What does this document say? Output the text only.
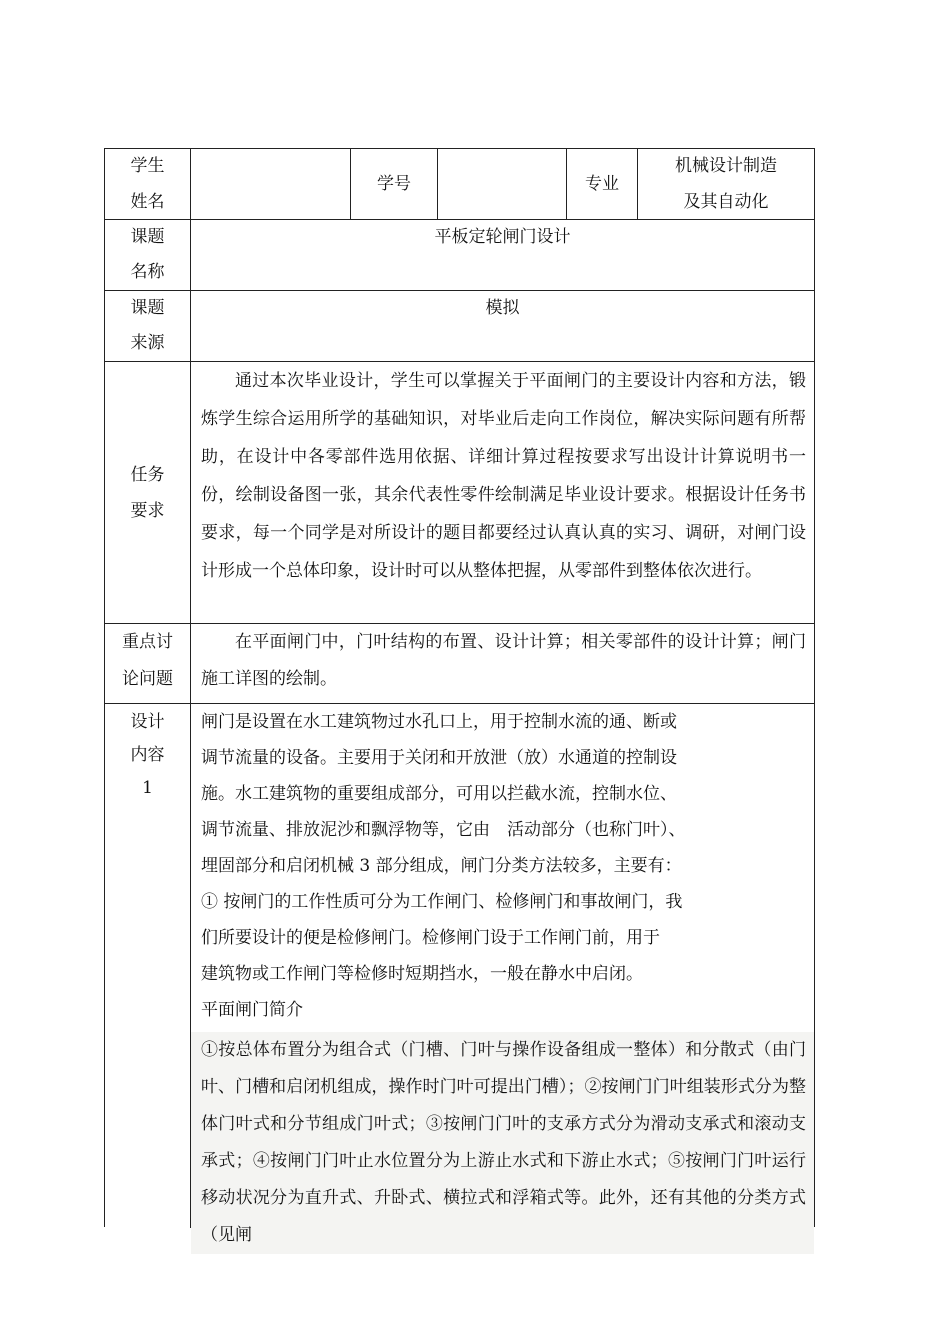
学生
姓名
学号	专业
机械设计制造
及其自动化
课题
名称
平板定轮闸门设计
课题
来源
模拟
任务
要求

通过本次毕业设计，学生可以掌握关于平面闸门的主要设计内容和方法，锻炼学生综合运用所学的基础知识，对毕业后走向工作岗位，解决实际问题有所帮助，在设计中各零部件选用依据、详细计算过程按要求写出设计计算说明书一份，绘制设备图一张，其余代表性零件绘制满足毕业设计要求。根据设计任务书要求，每一个同学是对所设计的题目都要经过认真认真的实习、调研，对闸门设计形成一个总体印象，设计时可以从整体把握，从零部件到整体依次进行。

重点讨
论问题

在平面闸门中，门叶结构的布置、设计计算；相关零部件的设计计算；闸门施工详图的绘制。

设计
内容
1

闸门是设置在水工建筑物过水孔口上，用于控制水流的通、断或

调节流量的设备。主要用于关闭和开放泄（放）水通道的控制设

施。水工建筑物的重要组成部分，可用以拦截水流，控制水位、

调节流量、排放泥沙和飘浮物等，它由　活动部分（也称门叶）、

埋固部分和启闭机械 3 部分组成，闸门分类方法较多，主要有：

① 按闸门的工作性质可分为工作闸门、检修闸门和事故闸门，我

们所要设计的便是检修闸门。检修闸门设于工作闸门前，用于

建筑物或工作闸门等检修时短期挡水，一般在静水中启闭。

平面闸门简介

①按总体布置分为组合式（门槽、门叶与操作设备组成一整体）和分散式（由门叶、门槽和启闭机组成，操作时门叶可提出门槽）；②按闸门门叶组装形式分为整体门叶式和分节组成门叶式；③按闸门门叶的支承方式分为滑动支承式和滚动支承式；④按闸门门叶止水位置分为上游止水式和下游止水式；⑤按闸门门叶运行移动状况分为直升式、升卧式、横拉式和浮箱式等。此外，还有其他的分类方式（见闸
